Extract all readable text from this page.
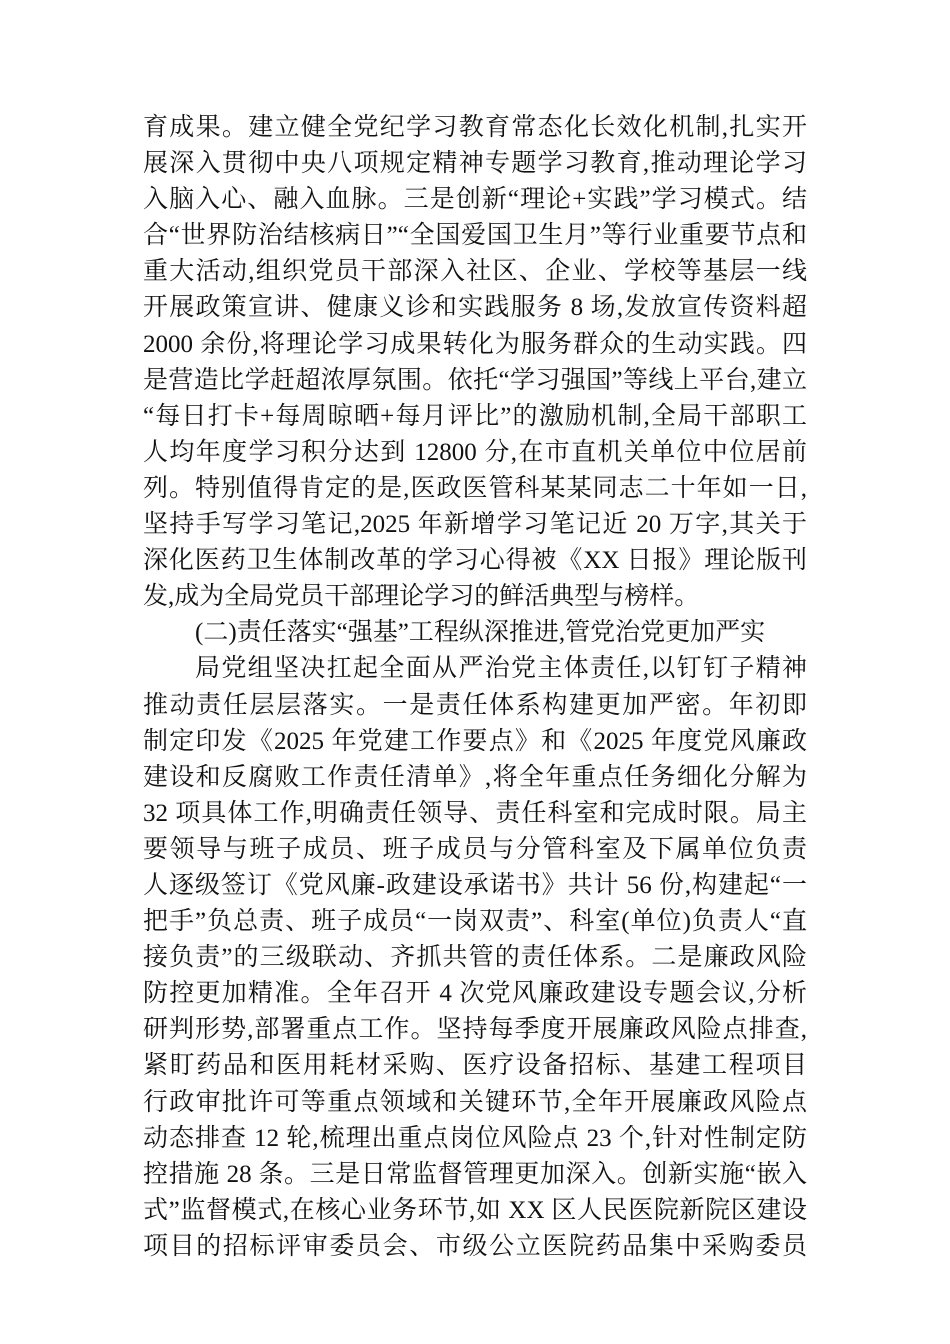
育成果。建立健全党纪学习教育常态化长效化机制,扎实开
展深入贯彻中央八项规定精神专题学习教育,推动理论学习
入脑入心、融入血脉。三是创新“理论+实践”学习模式。结
合“世界防治结核病日”“全国爱国卫生月”等行业重要节点和
重大活动,组织党员干部深入社区、企业、学校等基层一线
开展政策宣讲、健康义诊和实践服务 8 场,发放宣传资料超
2000 余份,将理论学习成果转化为服务群众的生动实践。四
是营造比学赶超浓厚氛围。依托“学习强国”等线上平台,建立
“每日打卡+每周晾晒+每月评比”的激励机制,全局干部职工
人均年度学习积分达到 12800 分,在市直机关单位中位居前
列。特别值得肯定的是,医政医管科某某同志二十年如一日,
坚持手写学习笔记,2025 年新增学习笔记近 20 万字,其关于
深化医药卫生体制改革的学习心得被《XX 日报》理论版刊
发,成为全局党员干部理论学习的鲜活典型与榜样。
(二)责任落实“强基”工程纵深推进,管党治党更加严实
局党组坚决扛起全面从严治党主体责任,以钉钉子精神
推动责任层层落实。一是责任体系构建更加严密。年初即
制定印发《2025 年党建工作要点》和《2025 年度党风廉政
建设和反腐败工作责任清单》,将全年重点任务细化分解为
32 项具体工作,明确责任领导、责任科室和完成时限。局主
要领导与班子成员、班子成员与分管科室及下属单位负责
人逐级签订《党风廉-政建设承诺书》共计 56 份,构建起“一
把手”负总责、班子成员“一岗双责”、科室(单位)负责人“直
接负责”的三级联动、齐抓共管的责任体系。二是廉政风险
防控更加精准。全年召开 4 次党风廉政建设专题会议,分析
研判形势,部署重点工作。坚持每季度开展廉政风险点排查,
紧盯药品和医用耗材采购、医疗设备招标、基建工程项目
行政审批许可等重点领域和关键环节,全年开展廉政风险点
动态排查 12 轮,梳理出重点岗位风险点 23 个,针对性制定防
控措施 28 条。三是日常监督管理更加深入。创新实施“嵌入
式”监督模式,在核心业务环节,如 XX 区人民医院新院区建设
项目的招标评审委员会、市级公立医院药品集中采购委员
